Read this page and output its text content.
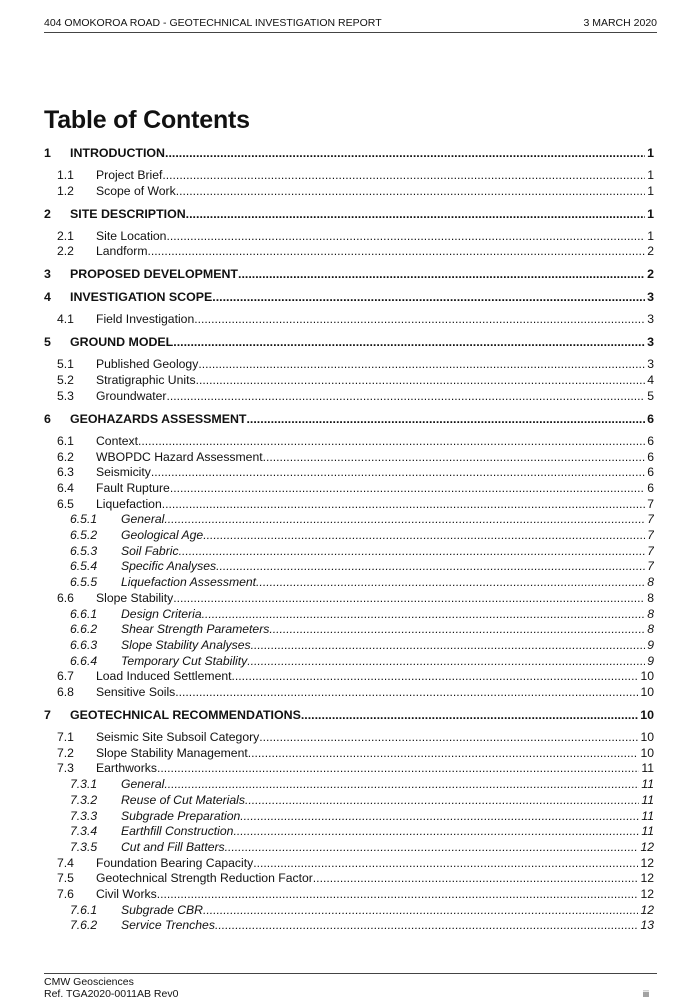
404 OMOKOROA ROAD - GEOTECHNICAL INVESTIGATION REPORT	3 MARCH 2020
Table of Contents
1	INTRODUCTION .....	1
1.1	Project Brief .....	1
1.2	Scope of Work .....	1
2	SITE DESCRIPTION .....	1
2.1	Site Location .....	1
2.2	Landform .....	2
3	PROPOSED DEVELOPMENT .....	2
4	INVESTIGATION SCOPE .....	3
4.1	Field Investigation .....	3
5	GROUND MODEL .....	3
5.1	Published Geology .....	3
5.2	Stratigraphic Units .....	4
5.3	Groundwater .....	5
6	GEOHAZARDS ASSESSMENT .....	6
6.1	Context .....	6
6.2	WBOPDC Hazard Assessment .....	6
6.3	Seismicity .....	6
6.4	Fault Rupture .....	6
6.5	Liquefaction .....	7
6.5.1	General .....	7
6.5.2	Geological Age .....	7
6.5.3	Soil Fabric .....	7
6.5.4	Specific Analyses .....	7
6.5.5	Liquefaction Assessment .....	8
6.6	Slope Stability .....	8
6.6.1	Design Criteria .....	8
6.6.2	Shear Strength Parameters .....	8
6.6.3	Slope Stability Analyses .....	9
6.6.4	Temporary Cut Stability .....	9
6.7	Load Induced Settlement .....	10
6.8	Sensitive Soils .....	10
7	GEOTECHNICAL RECOMMENDATIONS .....	10
7.1	Seismic Site Subsoil Category .....	10
7.2	Slope Stability Management .....	10
7.3	Earthworks .....	11
7.3.1	General .....	11
7.3.2	Reuse of Cut Materials .....	11
7.3.3	Subgrade Preparation .....	11
7.3.4	Earthfill Construction .....	11
7.3.5	Cut and Fill Batters .....	12
7.4	Foundation Bearing Capacity .....	12
7.5	Geotechnical Strength Reduction Factor .....	12
7.6	Civil Works .....	12
7.6.1	Subgrade CBR .....	12
7.6.2	Service Trenches .....	13
CMW Geosciences
Ref. TGA2020-0011AB Rev0	iii
